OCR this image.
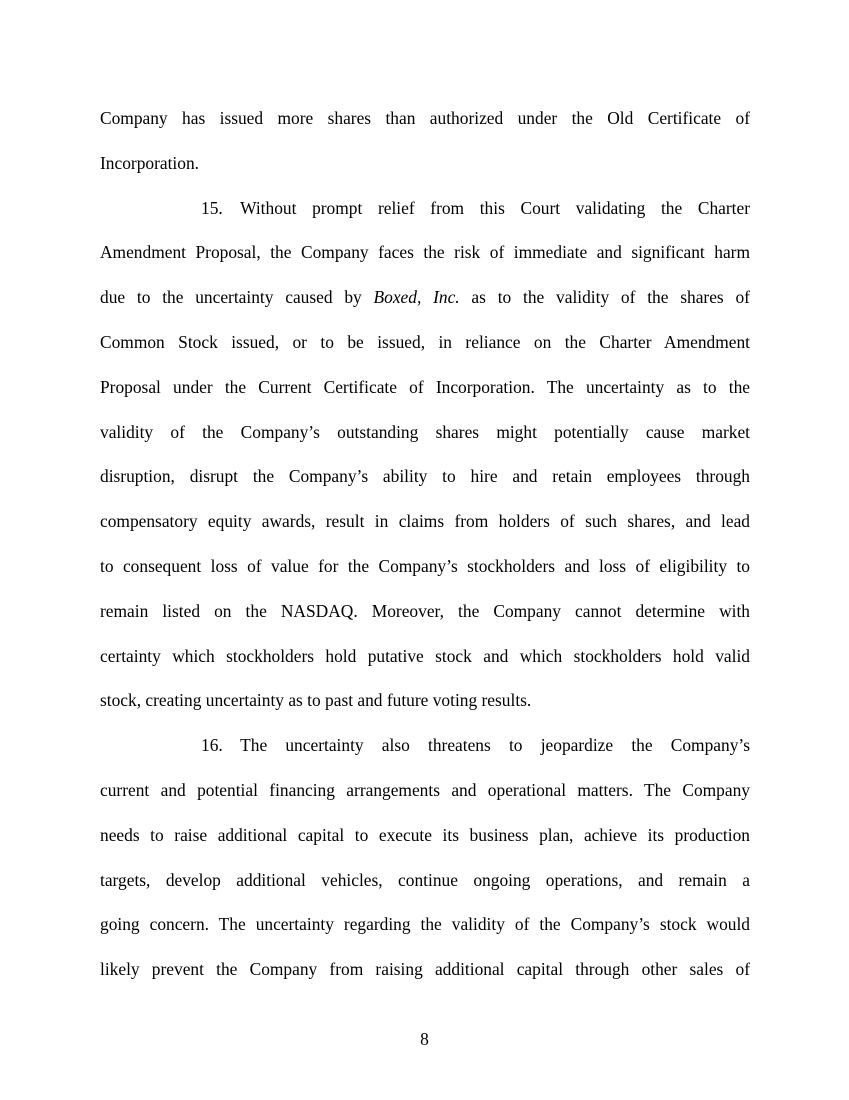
Company has issued more shares than authorized under the Old Certificate of
Incorporation.
15. Without prompt relief from this Court validating the Charter
Amendment Proposal, the Company faces the risk of immediate and significant harm
due to the uncertainty caused by Boxed, Inc. as to the validity of the shares of
Common Stock issued, or to be issued, in reliance on the Charter Amendment
Proposal under the Current Certificate of Incorporation. The uncertainty as to the
validity of the Company’s outstanding shares might potentially cause market
disruption, disrupt the Company’s ability to hire and retain employees through
compensatory equity awards, result in claims from holders of such shares, and lead
to consequent loss of value for the Company’s stockholders and loss of eligibility to
remain listed on the NASDAQ. Moreover, the Company cannot determine with
certainty which stockholders hold putative stock and which stockholders hold valid
stock, creating uncertainty as to past and future voting results.
16. The uncertainty also threatens to jeopardize the Company’s
current and potential financing arrangements and operational matters. The Company
needs to raise additional capital to execute its business plan, achieve its production
targets, develop additional vehicles, continue ongoing operations, and remain a
going concern. The uncertainty regarding the validity of the Company’s stock would
likely prevent the Company from raising additional capital through other sales of
8
